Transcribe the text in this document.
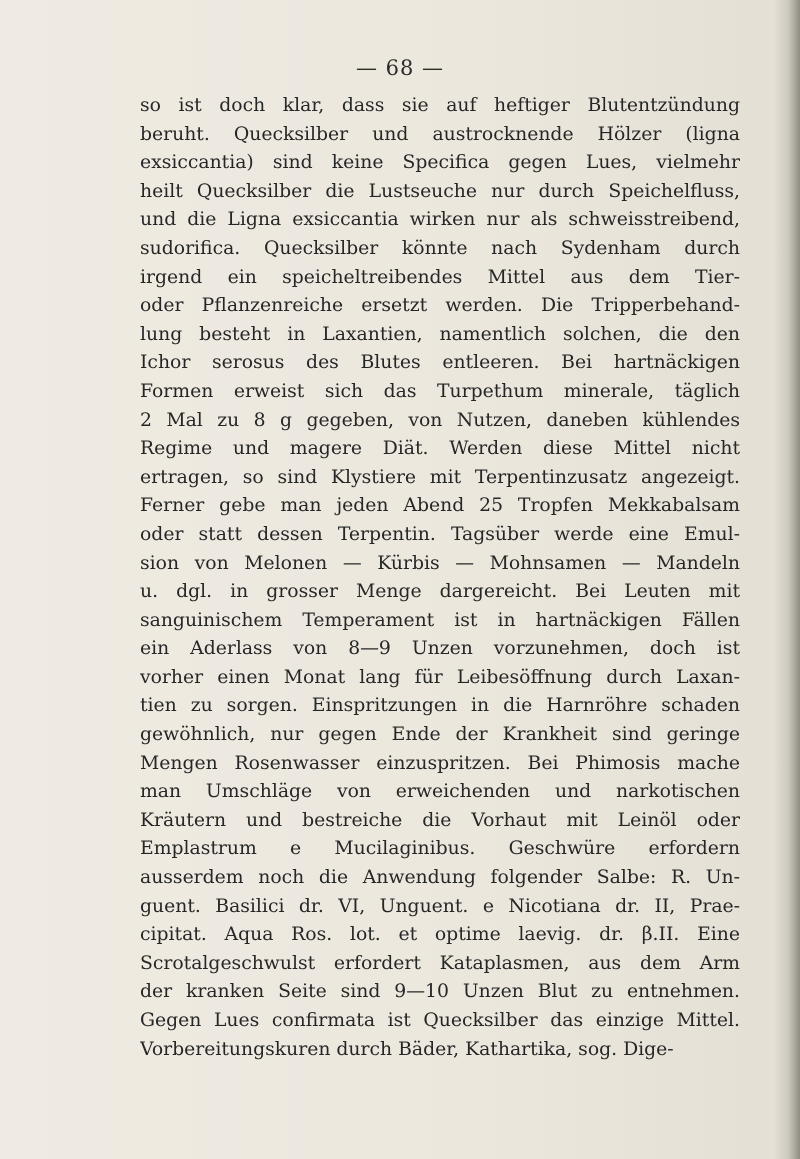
— 68 —
so ist doch klar, dass sie auf heftiger Blutentzündung
beruht. Quecksilber und austrocknende Hölzer (ligna
exsiccantia) sind keine Specifica gegen Lues, vielmehr
heilt Quecksilber die Lustseuche nur durch Speichelfluss,
und die Ligna exsiccantia wirken nur als schweisstreibend,
sudorifica. Quecksilber könnte nach Sydenham durch
irgend ein speicheltreibendes Mittel aus dem Tier-
oder Pflanzenreiche ersetzt werden. Die Tripperbehand-
lung besteht in Laxantien, namentlich solchen, die den
Ichor serosus des Blutes entleeren. Bei hartnäckigen
Formen erweist sich das Turpethum minerale, täglich
2 Mal zu 8 g gegeben, von Nutzen, daneben kühlendes
Regime und magere Diät. Werden diese Mittel nicht
ertragen, so sind Klystiere mit Terpentinzusatz angezeigt.
Ferner gebe man jeden Abend 25 Tropfen Mekkabalsam
oder statt dessen Terpentin. Tagsüber werde eine Emul-
sion von Melonen — Kürbis — Mohnsamen — Mandeln
u. dgl. in grosser Menge dargereicht. Bei Leuten mit
sanguinischem Temperament ist in hartnäckigen Fällen
ein Aderlass von 8—9 Unzen vorzunehmen, doch ist
vorher einen Monat lang für Leibesöffnung durch Laxan-
tien zu sorgen. Einspritzungen in die Harnröhre schaden
gewöhnlich, nur gegen Ende der Krankheit sind geringe
Mengen Rosenwasser einzuspritzen. Bei Phimosis mache
man Umschläge von erweichenden und narkotischen
Kräutern und bestreiche die Vorhaut mit Leinöl oder
Emplastrum e Mucilaginibus. Geschwüre erfordern
ausserdem noch die Anwendung folgender Salbe: R. Un-
guent. Basilici dr. VI, Unguent. e Nicotiana dr. II, Prae-
cipitat. Aqua Ros. lot. et optime laevig. dr. β.II. Eine
Scrotalgeschwulst erfordert Kataplasmen, aus dem Arm
der kranken Seite sind 9—10 Unzen Blut zu entnehmen.
Gegen Lues confirmata ist Quecksilber das einzige Mittel.
Vorbereitungskuren durch Bäder, Kathartika, sog. Dige-
